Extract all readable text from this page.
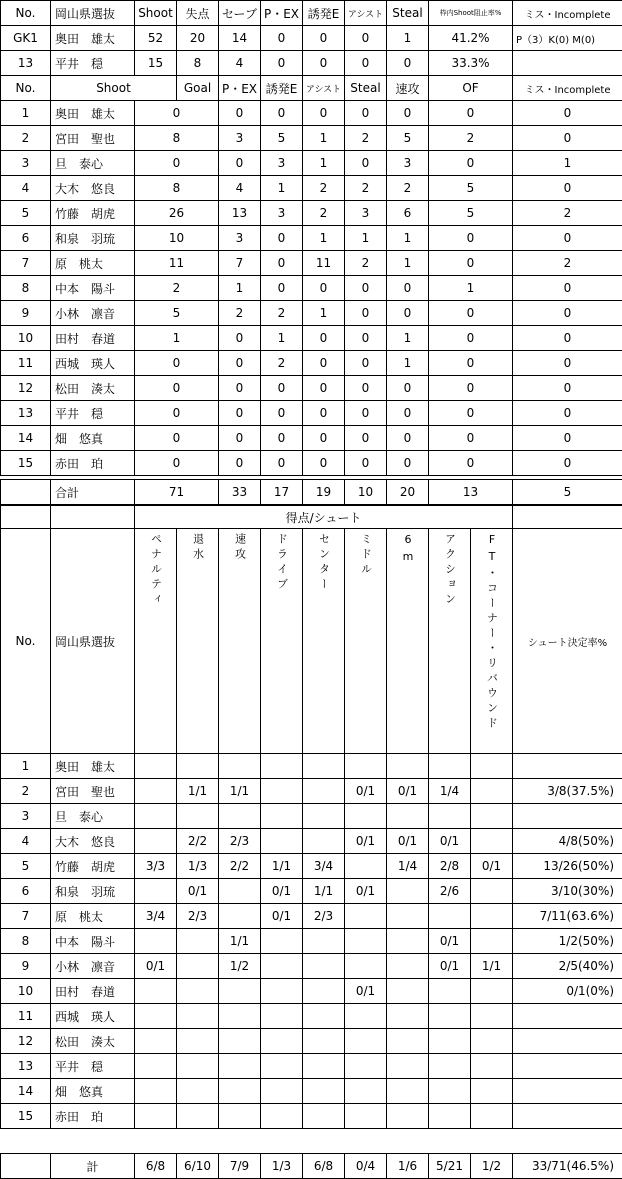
No.	岡山県選抜	Shoot	失点	セーブ	P・EX	誘発E	アシスト	Steal	枠内Shoot阻止率%	ミス・Incomplete	
GK1	奥田　雄太	52	20	14	0	0	0	1	41.2%	P（3）K(0) M(0)	
13	平井　穏	15	8	4	0	0	0	0	33.3%		
No.	Shoot		Goal	P・EX	誘発E	アシスト	Steal	速攻	OF	ミス・Incomplete	
1	奥田　雄太	0		0	0	0	0	0	0	0	
2	宮田　聖也	8		3	5	1	2	5	2	0	
3	旦　泰心	0		0	3	1	0	3	0	1	
4	大木　悠良	8		4	1	2	2	2	5	0	
5	竹藤　胡虎	26		13	3	2	3	6	5	2	
6	和泉　羽琉	10		3	0	1	1	1	0	0	
7	原　桃太	11		7	0	11	2	1	0	2	
8	中本　陽斗	2		1	0	0	0	0	1	0	
9	小林　凛音	5		2	2	1	0	0	0	0	
10	田村　春道	1		0	1	0	0	1	0	0	
11	西城　瑛人	0		0	2	0	0	1	0	0	
12	松田　湊太	0		0	0	0	0	0	0	0	
13	平井　穏	0		0	0	0	0	0	0	0	
14	畑　悠真	0		0	0	0	0	0	0	0	
15	赤田　珀	0		0	0	0	0	0	0	0	

	合計	71		33	17	19	10	20	13	5	
		得点/シュート									
No.	岡山県選抜	ペナルティ	退水	速攻	ドライブ	センター	ミドル	6m	アクション	FT・コーナー・リバウンド	シュート決定率%
1	奥田　雄太										
2	宮田　聖也		1/1	1/1			0/1	0/1	1/4		3/8(37.5%)
3	旦　泰心										
4	大木　悠良		2/2	2/3			0/1	0/1	0/1		4/8(50%)
5	竹藤　胡虎	3/3	1/3	2/2	1/1	3/4		1/4	2/8	0/1	13/26(50%)
6	和泉　羽琉		0/1		0/1	1/1	0/1		2/6		3/10(30%)
7	原　桃太	3/4	2/3		0/1	2/3					7/11(63.6%)
8	中本　陽斗			1/1					0/1		1/2(50%)
9	小林　凛音	0/1		1/2					0/1	1/1	2/5(40%)
10	田村　春道						0/1				0/1(0%)
11	西城　瑛人										
12	松田　湊太										
13	平井　穏										
14	畑　悠真										
15	赤田　珀										

	計	6/8	6/10	7/9	1/3	6/8	0/4	1/6	5/21	1/2	33/71(46.5%)
